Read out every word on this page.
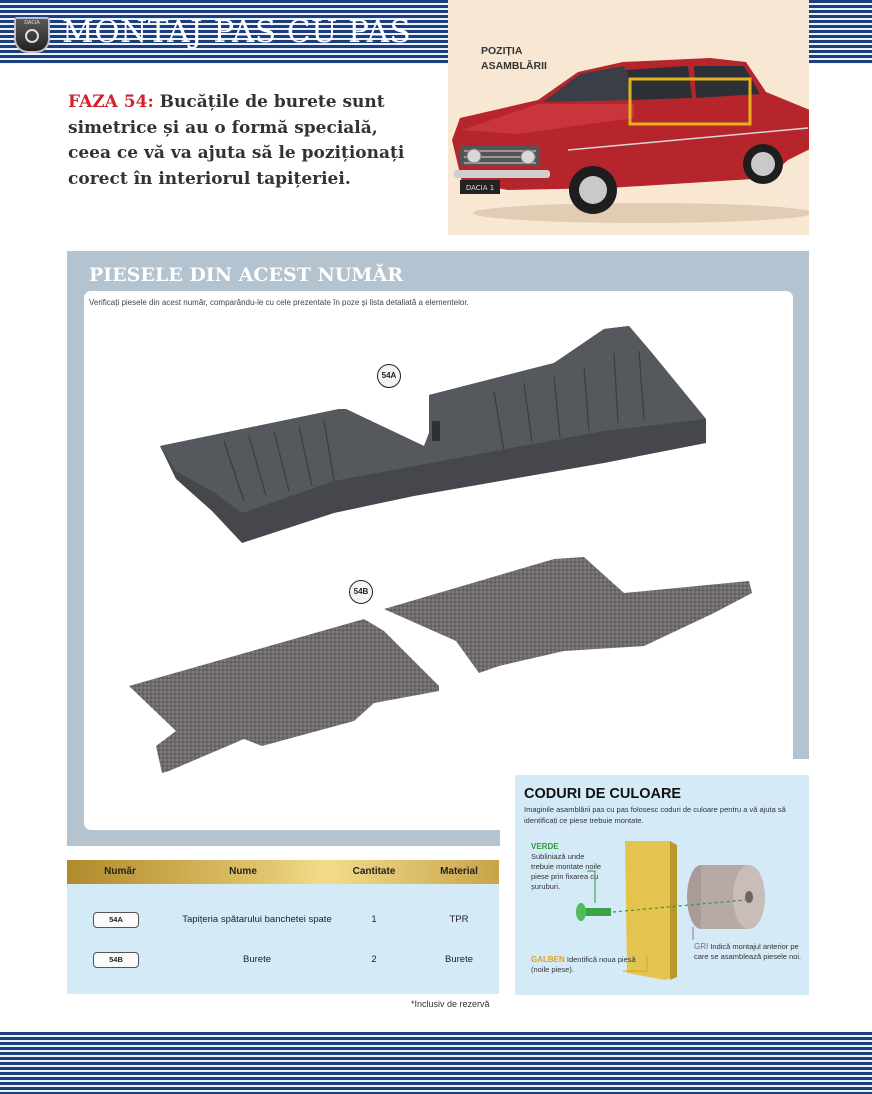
DACIA MONTAJ PAS CU PAS
FAZA 54: Bucățile de burete sunt simetrice și au o formă specială, ceea ce vă va ajuta să le poziționați corect în interiorul tapițeriei.	DACIA 1
POZIȚIA
ASAMBLĂRII
PIESELE DIN ACEST NUMĂR
54A
54B
Verificați piesele din acest număr, comparându-le cu cele prezentate în poze și lista detaliată a elementelor.
CODURI DE CULOARE
Imaginile asamblării pas cu pas folosesc coduri de culoare pentru a vă ajuta să identificați ce piese trebuie montate.
VERDE
Subliniază unde trebuie montate noile piese prin fixarea cu șuruburi.
GALBEN Identifică noua piesă (noile piese).
GRI Indică montajul anterior pe care se asamblează piesele noi.
Număr	Nume	Cantitate	Material
54A	Tapițeria spătarului banchetei spate	1	TPR
54B	Burete	2	Burete
*Inclusiv de rezervă
